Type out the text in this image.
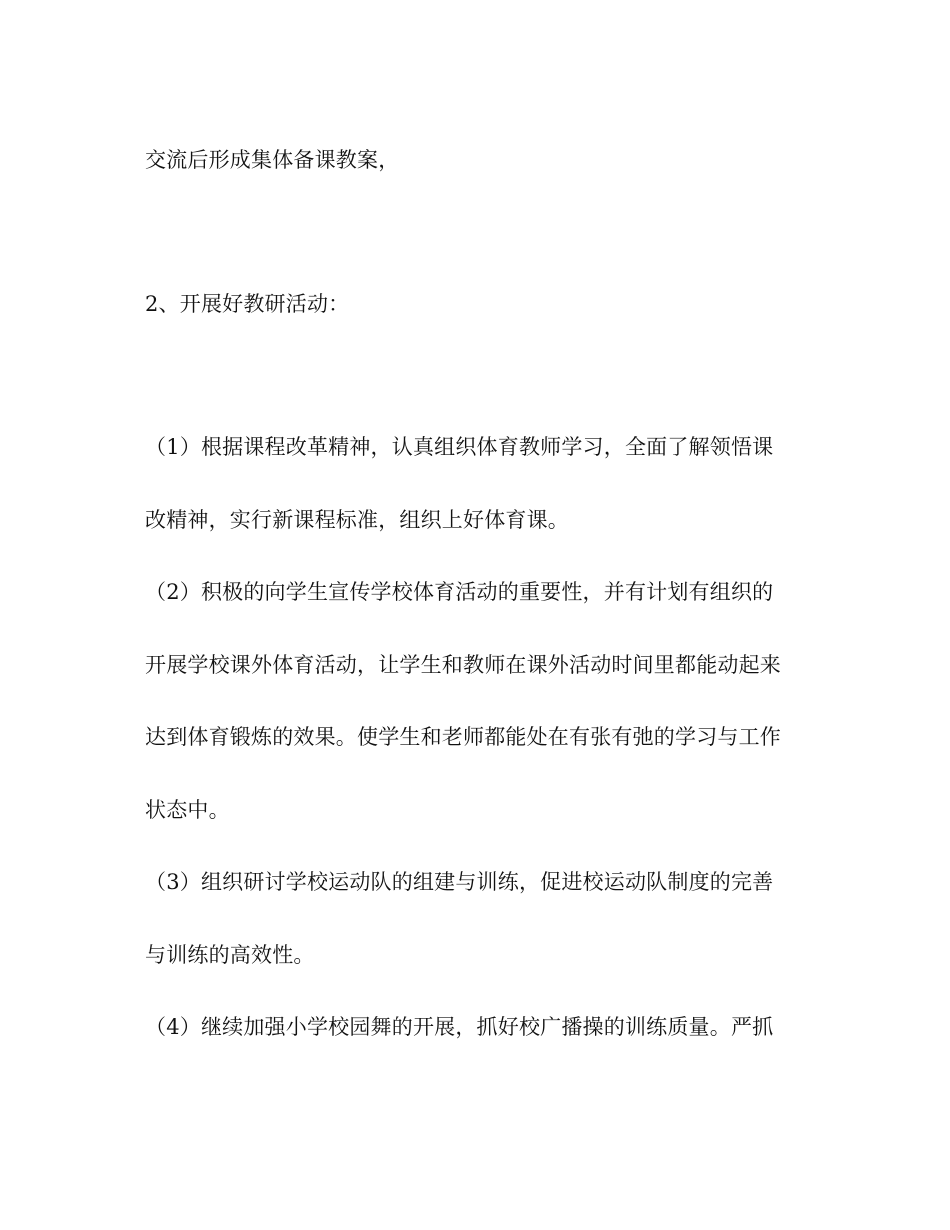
交流后形成集体备课教案，
2、开展好教研活动：
（1）根据课程改革精神，认真组织体育教师学习，全面了解领悟课
改精神，实行新课程标准，组织上好体育课。
（2）积极的向学生宣传学校体育活动的重要性，并有计划有组织的
开展学校课外体育活动，让学生和教师在课外活动时间里都能动起来
达到体育锻炼的效果。使学生和老师都能处在有张有弛的学习与工作
状态中。
（3）组织研讨学校运动队的组建与训练，促进校运动队制度的完善
与训练的高效性。
（4）继续加强小学校园舞的开展，抓好校广播操的训练质量。严抓
